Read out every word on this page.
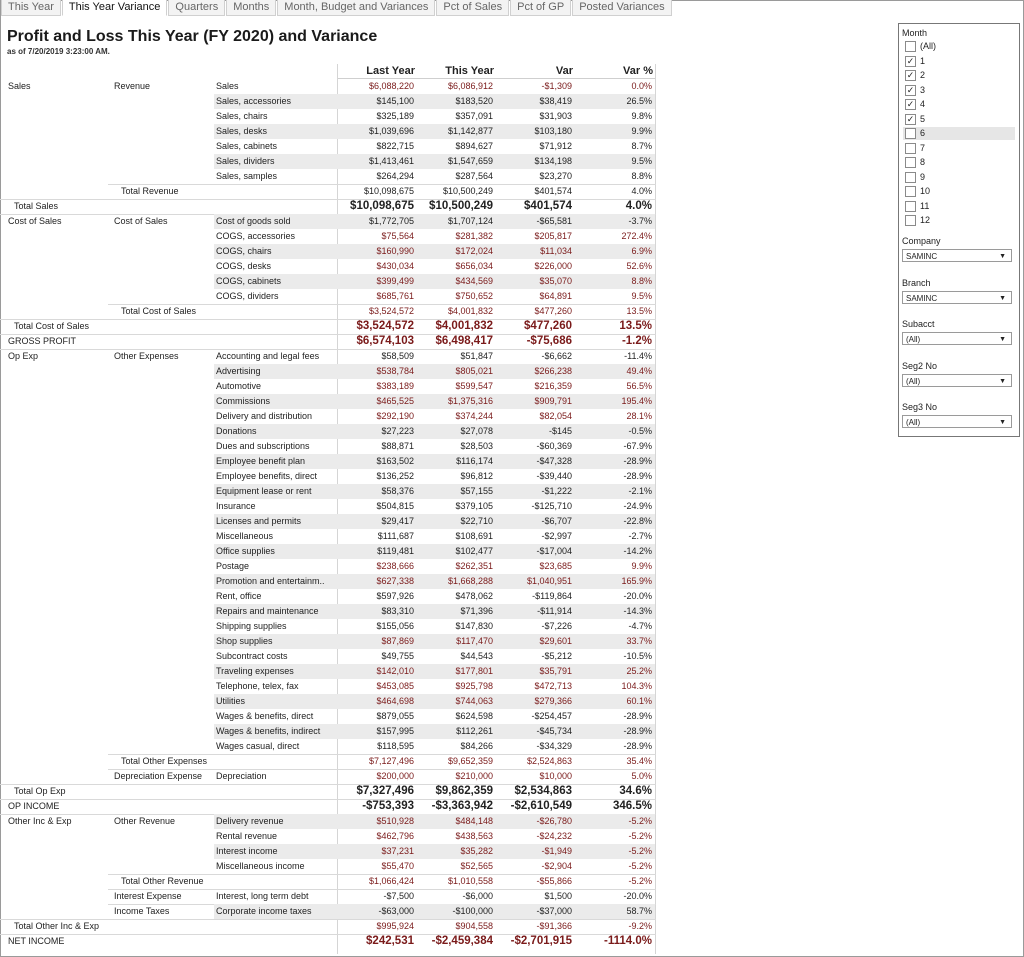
This Year	This Year Variance	Quarters	Months	Month, Budget and Variances	Pct of Sales	Pct of GP	Posted Variances
Profit and Loss This Year (FY 2020) and Variance
as of 7/20/2019 3:23:00 AM.
Last Year	This Year	Var	Var %
Sales	Revenue	Sales	$6,088,220	$6,086,912	-$1,309	0.0%
Sales, accessories	$145,100	$183,520	$38,419	26.5%
Sales, chairs	$325,189	$357,091	$31,903	9.8%
Sales, desks	$1,039,696	$1,142,877	$103,180	9.9%
Sales, cabinets	$822,715	$894,627	$71,912	8.7%
Sales, dividers	$1,413,461	$1,547,659	$134,198	9.5%
Sales, samples	$264,294	$287,564	$23,270	8.8%
Total Revenue	$10,098,675	$10,500,249	$401,574	4.0%
Total Sales	$10,098,675	$10,500,249	$401,574	4.0%
Cost of Sales	Cost of Sales	Cost of goods sold	$1,772,705	$1,707,124	-$65,581	-3.7%
COGS, accessories	$75,564	$281,382	$205,817	272.4%
COGS, chairs	$160,990	$172,024	$11,034	6.9%
COGS, desks	$430,034	$656,034	$226,000	52.6%
COGS, cabinets	$399,499	$434,569	$35,070	8.8%
COGS, dividers	$685,761	$750,652	$64,891	9.5%
Total Cost of Sales	$3,524,572	$4,001,832	$477,260	13.5%
Total Cost of Sales	$3,524,572	$4,001,832	$477,260	13.5%
GROSS PROFIT	$6,574,103	$6,498,417	-$75,686	-1.2%
Op Exp	Other Expenses	Accounting and legal fees	$58,509	$51,847	-$6,662	-11.4%
Advertising	$538,784	$805,021	$266,238	49.4%
Automotive	$383,189	$599,547	$216,359	56.5%
Commissions	$465,525	$1,375,316	$909,791	195.4%
Delivery and distribution	$292,190	$374,244	$82,054	28.1%
Donations	$27,223	$27,078	-$145	-0.5%
Dues and subscriptions	$88,871	$28,503	-$60,369	-67.9%
Employee benefit plan	$163,502	$116,174	-$47,328	-28.9%
Employee benefits, direct	$136,252	$96,812	-$39,440	-28.9%
Equipment lease or rent	$58,376	$57,155	-$1,222	-2.1%
Insurance	$504,815	$379,105	-$125,710	-24.9%
Licenses and permits	$29,417	$22,710	-$6,707	-22.8%
Miscellaneous	$111,687	$108,691	-$2,997	-2.7%
Office supplies	$119,481	$102,477	-$17,004	-14.2%
Postage	$238,666	$262,351	$23,685	9.9%
Promotion and entertainm..	$627,338	$1,668,288	$1,040,951	165.9%
Rent, office	$597,926	$478,062	-$119,864	-20.0%
Repairs and maintenance	$83,310	$71,396	-$11,914	-14.3%
Shipping supplies	$155,056	$147,830	-$7,226	-4.7%
Shop supplies	$87,869	$117,470	$29,601	33.7%
Subcontract costs	$49,755	$44,543	-$5,212	-10.5%
Traveling expenses	$142,010	$177,801	$35,791	25.2%
Telephone, telex, fax	$453,085	$925,798	$472,713	104.3%
Utilities	$464,698	$744,063	$279,366	60.1%
Wages & benefits, direct	$879,055	$624,598	-$254,457	-28.9%
Wages & benefits, indirect	$157,995	$112,261	-$45,734	-28.9%
Wages casual, direct	$118,595	$84,266	-$34,329	-28.9%
Total Other Expenses	$7,127,496	$9,652,359	$2,524,863	35.4%
Depreciation Expense	Depreciation	$200,000	$210,000	$10,000	5.0%
Total Op Exp	$7,327,496	$9,862,359	$2,534,863	34.6%
OP INCOME	-$753,393	-$3,363,942	-$2,610,549	346.5%
Other Inc & Exp	Other Revenue	Delivery revenue	$510,928	$484,148	-$26,780	-5.2%
Rental revenue	$462,796	$438,563	-$24,232	-5.2%
Interest income	$37,231	$35,282	-$1,949	-5.2%
Miscellaneous income	$55,470	$52,565	-$2,904	-5.2%
Total Other Revenue	$1,066,424	$1,010,558	-$55,866	-5.2%
Interest Expense	Interest, long term debt	-$7,500	-$6,000	$1,500	-20.0%
Income Taxes	Corporate income taxes	-$63,000	-$100,000	-$37,000	58.7%
Total Other Inc & Exp	$995,924	$904,558	-$91,366	-9.2%
NET INCOME	$242,531	-$2,459,384	-$2,701,915	-1114.0%
Month
(All)
✓ 1
✓ 2
✓ 3
✓ 4
✓ 5
6
7
8
9
10
11
12
Company
SAMINC	▼
Branch
SAMINC	▼
Subacct
(All)	▼
Seg2 No
(All)	▼
Seg3 No
(All)	▼
